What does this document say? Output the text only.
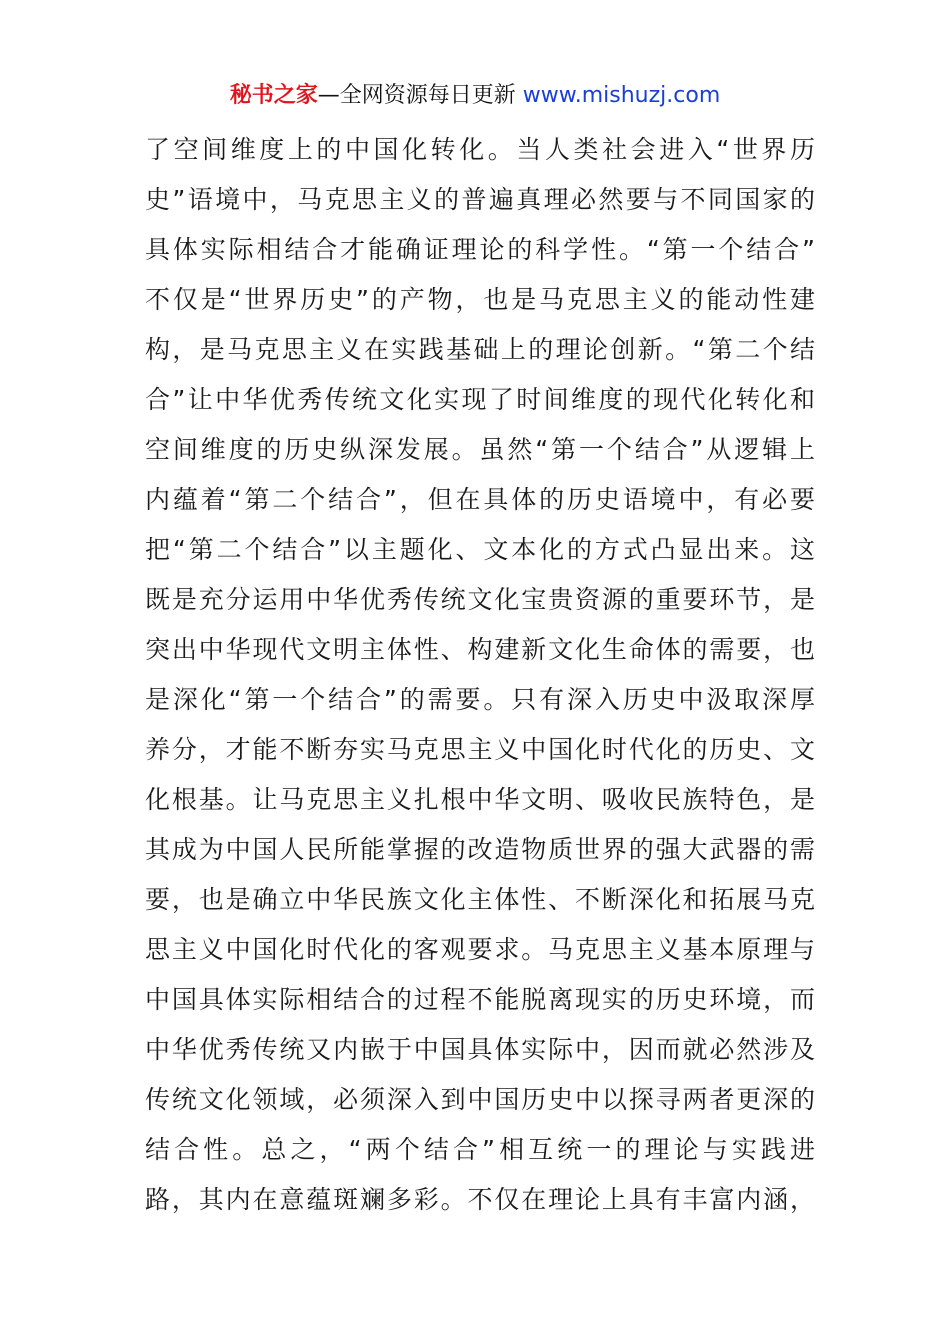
秘书之家—全网资源每日更新 www.mishuzj.com
了空间维度上的中国化转化。当人类社会进入“世界历
史”语境中，马克思主义的普遍真理必然要与不同国家的
具体实际相结合才能确证理论的科学性。“第一个结合”
不仅是“世界历史”的产物，也是马克思主义的能动性建
构，是马克思主义在实践基础上的理论创新。“第二个结
合”让中华优秀传统文化实现了时间维度的现代化转化和
空间维度的历史纵深发展。虽然“第一个结合”从逻辑上
内蕴着“第二个结合”，但在具体的历史语境中，有必要
把“第二个结合”以主题化、文本化的方式凸显出来。这
既是充分运用中华优秀传统文化宝贵资源的重要环节，是
突出中华现代文明主体性、构建新文化生命体的需要，也
是深化“第一个结合”的需要。只有深入历史中汲取深厚
养分，才能不断夯实马克思主义中国化时代化的历史、文
化根基。让马克思主义扎根中华文明、吸收民族特色，是
其成为中国人民所能掌握的改造物质世界的强大武器的需
要，也是确立中华民族文化主体性、不断深化和拓展马克
思主义中国化时代化的客观要求。马克思主义基本原理与
中国具体实际相结合的过程不能脱离现实的历史环境，而
中华优秀传统又内嵌于中国具体实际中，因而就必然涉及
传统文化领域，必须深入到中国历史中以探寻两者更深的
结合性。总之，“两个结合”相互统一的理论与实践进
路，其内在意蕴斑斓多彩。不仅在理论上具有丰富内涵，
